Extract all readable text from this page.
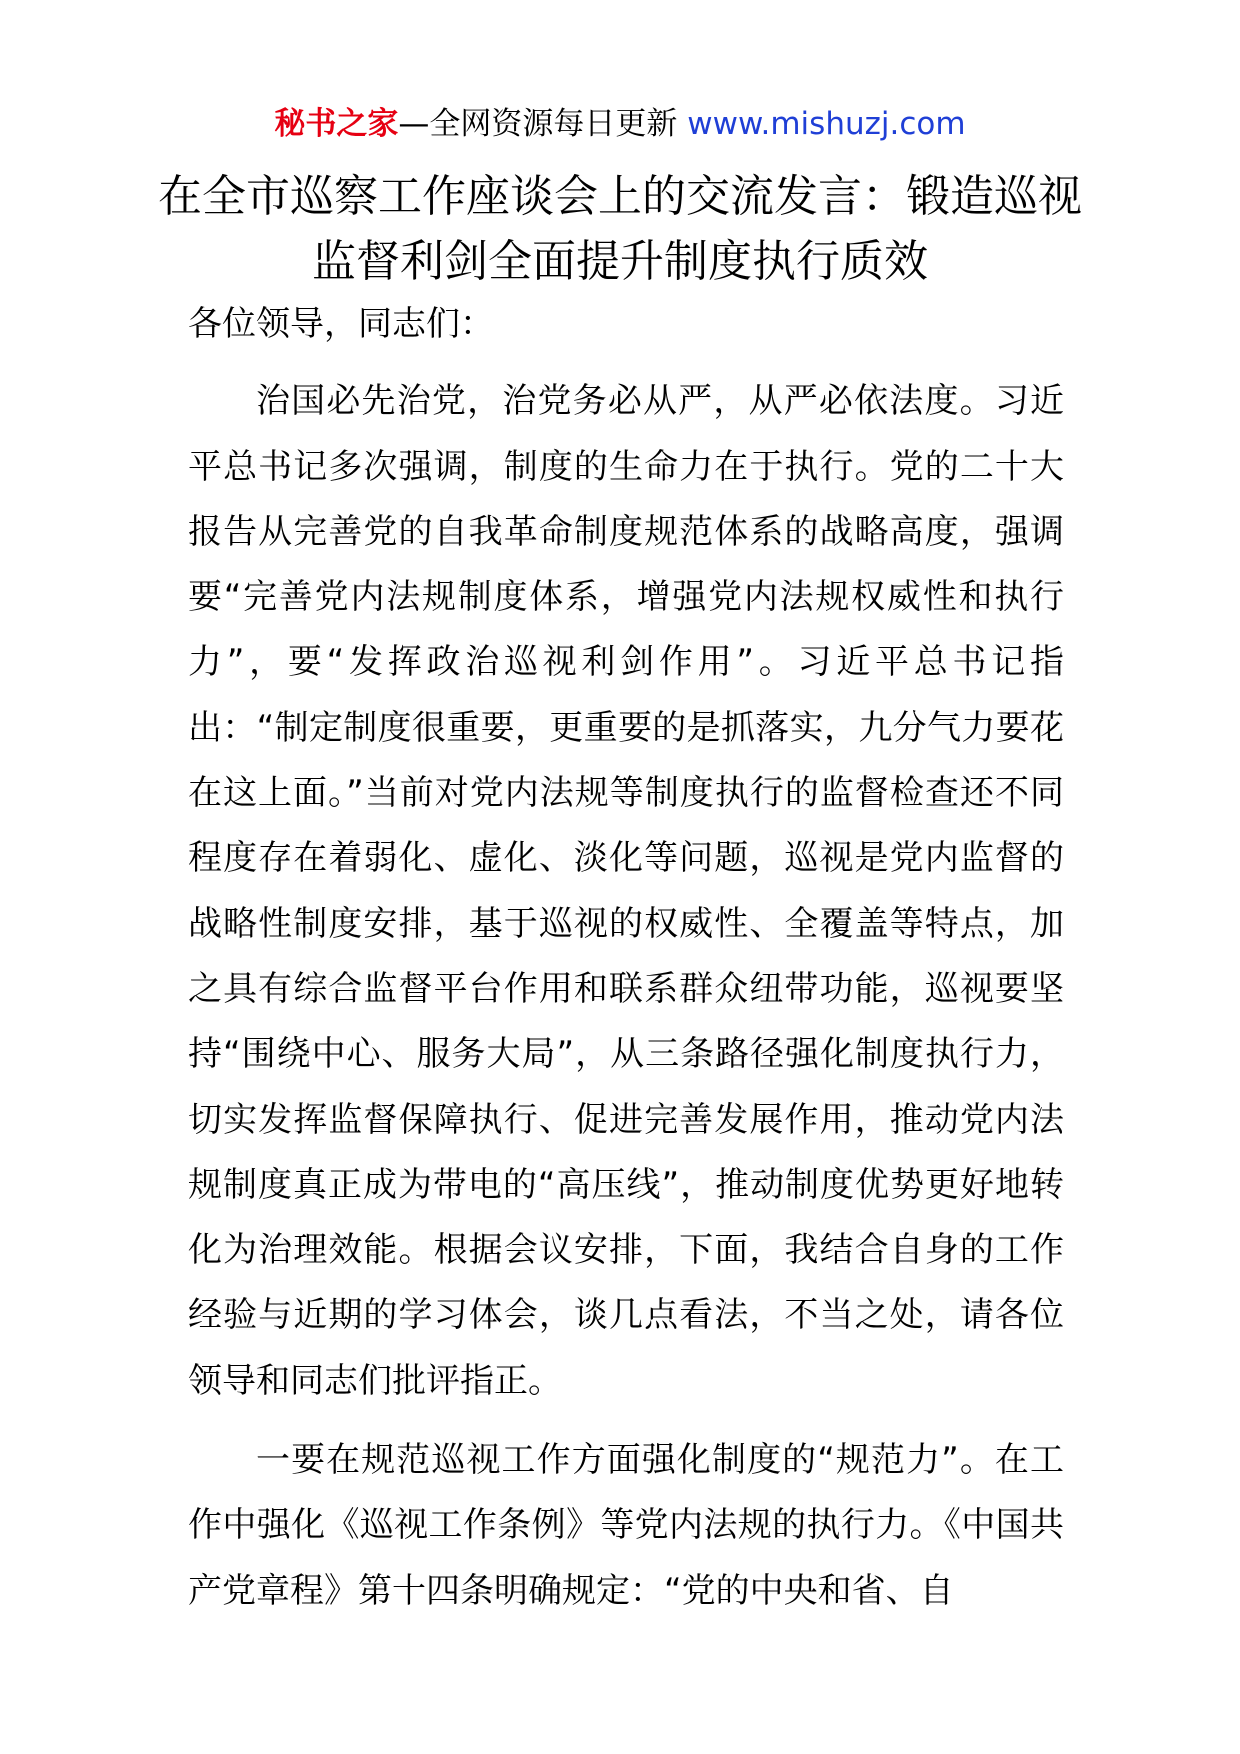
秘书之家—全网资源每日更新 www.mishuzj.com
在全市巡察工作座谈会上的交流发言：锻造巡视监督利剑全面提升制度执行质效

各位领导，同志们：

治国必先治党，治党务必从严，从严必依法度。习近平总书记多次强调，制度的生命力在于执行。党的二十大报告从完善党的自我革命制度规范体系的战略高度，强调要“完善党内法规制度体系，增强党内法规权威性和执行力”，要“发挥政治巡视利剑作用”。习近平总书记指出：“制定制度很重要，更重要的是抓落实，九分气力要花在这上面。”当前对党内法规等制度执行的监督检查还不同程度存在着弱化、虚化、淡化等问题，巡视是党内监督的战略性制度安排，基于巡视的权威性、全覆盖等特点，加之具有综合监督平台作用和联系群众纽带功能，巡视要坚持“围绕中心、服务大局”，从三条路径强化制度执行力，切实发挥监督保障执行、促进完善发展作用，推动党内法规制度真正成为带电的“高压线”，推动制度优势更好地转化为治理效能。根据会议安排，下面，我结合自身的工作经验与近期的学习体会，谈几点看法，不当之处，请各位领导和同志们批评指正。

一要在规范巡视工作方面强化制度的“规范力”。在工作中强化《巡视工作条例》等党内法规的执行力。《中国共产党章程》第十四条明确规定：“党的中央和省、自
